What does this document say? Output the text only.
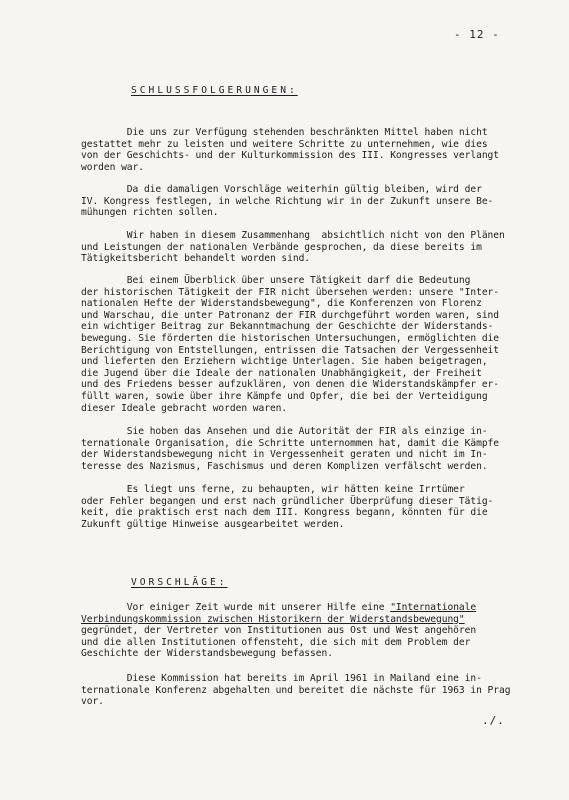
- 12 -
SCHLUSSFOLGERUNGEN:
Die uns zur Verfügung stehenden beschränkten Mittel haben nicht
gestattet mehr zu leisten und weitere Schritte zu unternehmen, wie dies
von der Geschichts- und der Kulturkommission des III. Kongresses verlangt
worden war.
Da die damaligen Vorschläge weiterhin gültig bleiben, wird der
IV. Kongress festlegen, in welche Richtung wir in der Zukunft unsere Be-
mühungen richten sollen.
Wir haben in diesem Zusammenhang  absichtlich nicht von den Plänen
und Leistungen der nationalen Verbände gesprochen, da diese bereits im
Tätigkeitsbericht behandelt worden sind.
Bei einem Überblick über unsere Tätigkeit darf die Bedeutung
der historischen Tätigkeit der FIR nicht übersehen werden: unsere "Inter-
nationalen Hefte der Widerstandsbewegung", die Konferenzen von Florenz
und Warschau, die unter Patronanz der FIR durchgeführt worden waren, sind
ein wichtiger Beitrag zur Bekanntmachung der Geschichte der Widerstands-
bewegung. Sie förderten die historischen Untersuchungen, ermöglichten die
Berichtigung von Entstellungen, entrissen die Tatsachen der Vergessenheit
und lieferten den Erziehern wichtige Unterlagen. Sie haben beigetragen,
die Jugend über die Ideale der nationalen Unabhängigkeit, der Freiheit
und des Friedens besser aufzuklären, von denen die Widerstandskämpfer er-
füllt waren, sowie über ihre Kämpfe und Opfer, die bei der Verteidigung
dieser Ideale gebracht worden waren.
Sie hoben das Ansehen und die Autorität der FIR als einzige in-
ternationale Organisation, die Schritte unternommen hat, damit die Kämpfe
der Widerstandsbewegung nicht in Vergessenheit geraten und nicht im In-
teresse des Nazismus, Faschismus und deren Komplizen verfälscht werden.
Es liegt uns ferne, zu behaupten, wir hätten keine Irrtümer
oder Fehler begangen und erst nach gründlicher Überprüfung dieser Tätig-
keit, die praktisch erst nach dem III. Kongress begann, könnten für die
Zukunft gültige Hinweise ausgearbeitet werden.
VORSCHLÄGE:
Vor einiger Zeit wurde mit unserer Hilfe eine "Internationale
Verbindungskommission zwischen Historikern der Widerstandsbewegung"
gegründet, der Vertreter von Institutionen aus Ost und West angehören
und die allen Institutionen offensteht, die sich mit dem Problem der
Geschichte der Widerstandsbewegung befassen.
Diese Kommission hat bereits im April 1961 in Mailand eine in-
ternationale Konferenz abgehalten und bereitet die nächste für 1963 in Prag
vor.
./.
